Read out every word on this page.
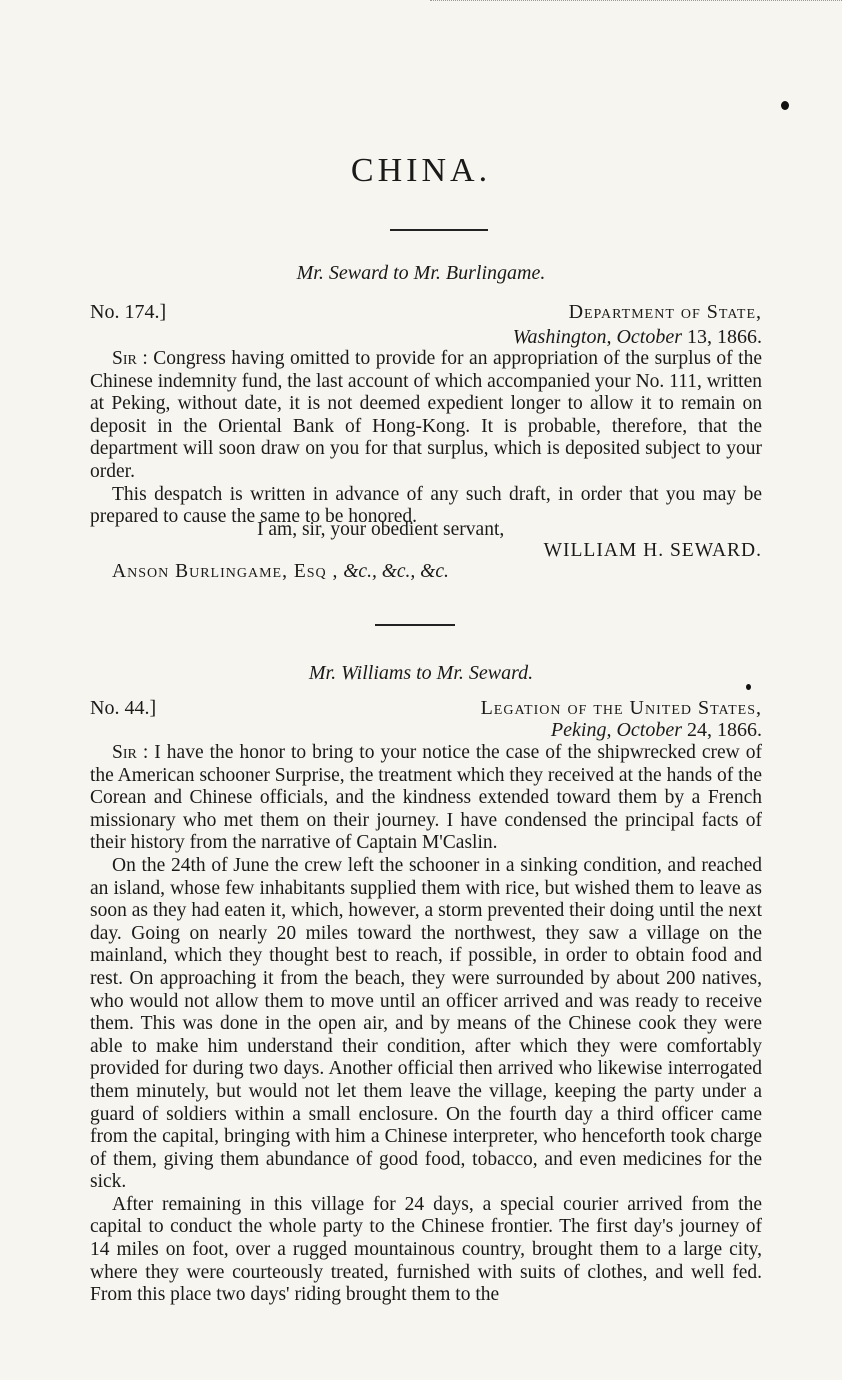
CHINA.
Mr. Seward to Mr. Burlingame.
No. 174.]	Department of State,
Washington, October 13, 1866.

Sir : Congress having omitted to provide for an appropriation of the surplus of the Chinese indemnity fund, the last account of which accompanied your No. 111, written at Peking, without date, it is not deemed expedient longer to allow it to remain on deposit in the Oriental Bank of Hong-Kong. It is probable, therefore, that the department will soon draw on you for that surplus, which is deposited subject to your order.

This despatch is written in advance of any such draft, in order that you may be prepared to cause the same to be honored.

I am, sir, your obedient servant,
WILLIAM H. SEWARD.
Anson Burlingame, Esq , &c., &c., &c.
Mr. Williams to Mr. Seward.
No. 44.]	Legation of the United States,
Peking, October 24, 1866.

Sir : I have the honor to bring to your notice the case of the shipwrecked crew of the American schooner Surprise, the treatment which they received at the hands of the Corean and Chinese officials, and the kindness extended toward them by a French missionary who met them on their journey. I have condensed the principal facts of their history from the narrative of Captain M'Caslin.

On the 24th of June the crew left the schooner in a sinking condition, and reached an island, whose few inhabitants supplied them with rice, but wished them to leave as soon as they had eaten it, which, however, a storm prevented their doing until the next day. Going on nearly 20 miles toward the northwest, they saw a village on the mainland, which they thought best to reach, if possible, in order to obtain food and rest. On approaching it from the beach, they were surrounded by about 200 natives, who would not allow them to move until an officer arrived and was ready to receive them. This was done in the open air, and by means of the Chinese cook they were able to make him understand their condition, after which they were comfortably provided for during two days. Another official then arrived who likewise interrogated them minutely, but would not let them leave the village, keeping the party under a guard of soldiers within a small enclosure. On the fourth day a third officer came from the capital, bringing with him a Chinese interpreter, who henceforth took charge of them, giving them abundance of good food, tobacco, and even medicines for the sick.

After remaining in this village for 24 days, a special courier arrived from the capital to conduct the whole party to the Chinese frontier. The first day's journey of 14 miles on foot, over a rugged mountainous country, brought them to a large city, where they were courteously treated, furnished with suits of clothes, and well fed. From this place two days' riding brought them to the
